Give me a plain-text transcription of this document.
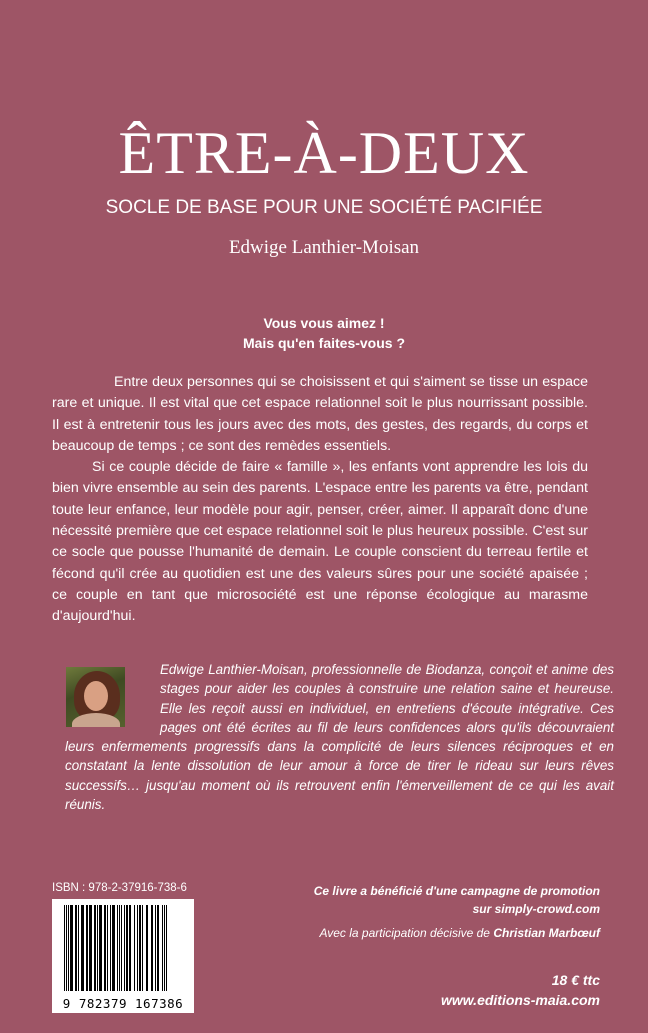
ÊTRE-À-DEUX
SOCLE DE BASE POUR UNE SOCIÉTÉ PACIFIÉE
Edwige Lanthier-Moisan
Vous vous aimez !
Mais qu'en faites-vous ?

Entre deux personnes qui se choisissent et qui s'aiment se tisse un espace rare et unique. Il est vital que cet espace relationnel soit le plus nourrissant possible. Il est à entretenir tous les jours avec des mots, des gestes, des regards, du corps et beaucoup de temps ; ce sont des remèdes essentiels.

Si ce couple décide de faire « famille », les enfants vont apprendre les lois du bien vivre ensemble au sein des parents. L'espace entre les parents va être, pendant toute leur enfance, leur modèle pour agir, penser, créer, aimer. Il apparaît donc d'une nécessité première que cet espace relationnel soit le plus heureux possible. C'est sur ce socle que pousse l'humanité de demain. Le couple conscient du terreau fertile et fécond qu'il crée au quotidien est une des valeurs sûres pour une société apaisée ; ce couple en tant que microsociété est une réponse écologique au marasme d'aujourd'hui.

Edwige Lanthier-Moisan, professionnelle de Biodanza, conçoit et anime des stages pour aider les couples à construire une relation saine et heureuse. Elle les reçoit aussi en individuel, en entretiens d'écoute intégrative. Ces pages ont été écrites au fil de leurs confidences alors qu'ils découvraient leurs enfermements progressifs dans la complicité de leurs silences réciproques et en constatant la lente dissolution de leur amour à force de tirer le rideau sur leurs rêves successifs… jusqu'au moment où ils retrouvent enfin l'émerveillement de ce qui les avait réunis.
ISBN : 978-2-37916-738-6
9 782379 167386
Ce livre a bénéficié d'une campagne de promotion
sur simply-crowd.com
Avec la participation décisive de Christian Marbœuf
18 € ttc
www.editions-maia.com
